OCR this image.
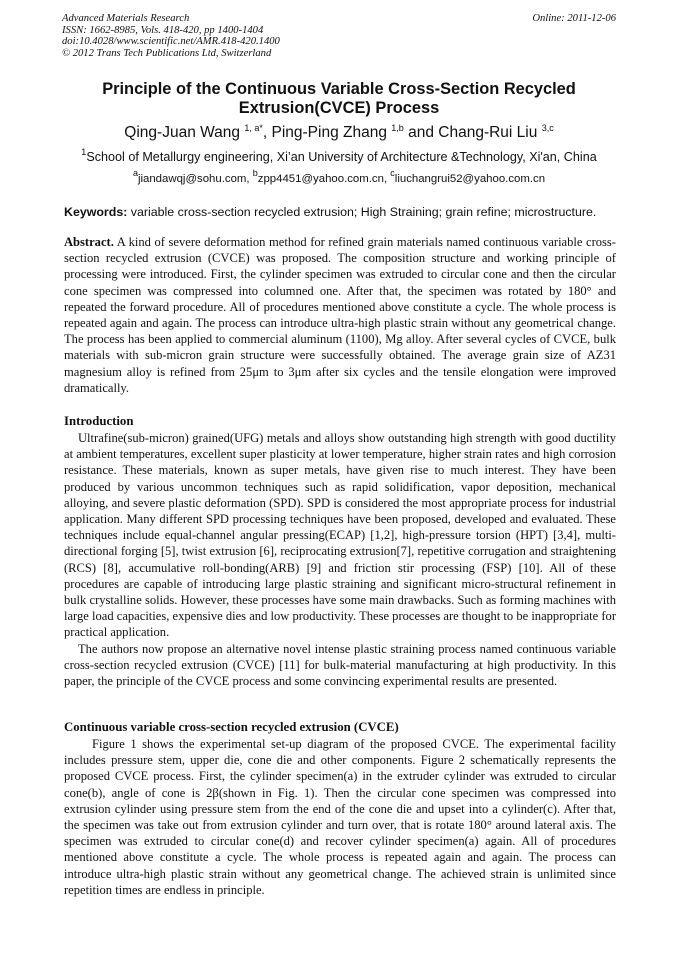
Advanced Materials Research
ISSN: 1662-8985, Vols. 418-420, pp 1400-1404
doi:10.4028/www.scientific.net/AMR.418-420.1400
© 2012 Trans Tech Publications Ltd, Switzerland
Online: 2011-12-06
Principle of the Continuous Variable Cross-Section Recycled Extrusion(CVCE) Process
Qing-Juan Wang $^{1, a*}$, Ping-Ping Zhang $^{1,b}$ and Chang-Rui Liu $^{3,c}$
$^1$School of Metallurgy engineering, Xi’an University of Architecture &Technology, Xi'an, China
$^a$jiandawqj@sohu.com, $^b$zpp4451@yahoo.com.cn, $^c$liuchangrui52@yahoo.com.cn
Keywords: variable cross-section recycled extrusion; High Straining; grain refine; microstructure.

Abstract. A kind of severe deformation method for refined grain materials named continuous variable cross-section recycled extrusion (CVCE) was proposed. The composition structure and working principle of processing were introduced. First, the cylinder specimen was extruded to circular cone and then the circular cone specimen was compressed into columned one. After that, the specimen was rotated by 180° and repeated the forward procedure. All of procedures mentioned above constitute a cycle. The whole process is repeated again and again. The process can introduce ultra-high plastic strain without any geometrical change. The process has been applied to commercial aluminum (1100), Mg alloy. After several cycles of CVCE, bulk materials with sub-micron grain structure were successfully obtained. The average grain size of AZ31 magnesium alloy is refined from 25μm to 3μm after six cycles and the tensile elongation were improved dramatically.

Introduction

Ultrafine(sub-micron) grained(UFG) metals and alloys show outstanding high strength with good ductility at ambient temperatures, excellent super plasticity at lower temperature, higher strain rates and high corrosion resistance. These materials, known as super metals, have given rise to much interest. They have been produced by various uncommon techniques such as rapid solidification, vapor deposition, mechanical alloying, and severe plastic deformation (SPD). SPD is considered the most appropriate process for industrial application. Many different SPD processing techniques have been proposed, developed and evaluated. These techniques include equal-channel angular pressing(ECAP) [1,2], high-pressure torsion (HPT) [3,4], multi-directional forging [5], twist extrusion [6], reciprocating extrusion[7], repetitive corrugation and straightening (RCS) [8], accumulative roll-bonding(ARB) [9] and friction stir processing (FSP) [10]. All of these procedures are capable of introducing large plastic straining and significant micro-structural refinement in bulk crystalline solids. However, these processes have some main drawbacks. Such as forming machines with large load capacities, expensive dies and low productivity. These processes are thought to be inappropriate for practical application.

The authors now propose an alternative novel intense plastic straining process named continuous variable cross-section recycled extrusion (CVCE) [11] for bulk-material manufacturing at high productivity. In this paper, the principle of the CVCE process and some convincing experimental results are presented.

Continuous variable cross-section recycled extrusion (CVCE)

Figure 1 shows the experimental set-up diagram of the proposed CVCE. The experimental facility includes pressure stem, upper die, cone die and other components. Figure 2 schematically represents the proposed CVCE process. First, the cylinder specimen(a) in the extruder cylinder was extruded to circular cone(b), angle of cone is 2β(shown in Fig. 1). Then the circular cone specimen was compressed into extrusion cylinder using pressure stem from the end of the cone die and upset into a cylinder(c). After that, the specimen was take out from extrusion cylinder and turn over, that is rotate 180° around lateral axis. The specimen was extruded to circular cone(d) and recover cylinder specimen(a) again. All of procedures mentioned above constitute a cycle. The whole process is repeated again and again. The process can introduce ultra-high plastic strain without any geometrical change. The achieved strain is unlimited since repetition times are endless in principle.
